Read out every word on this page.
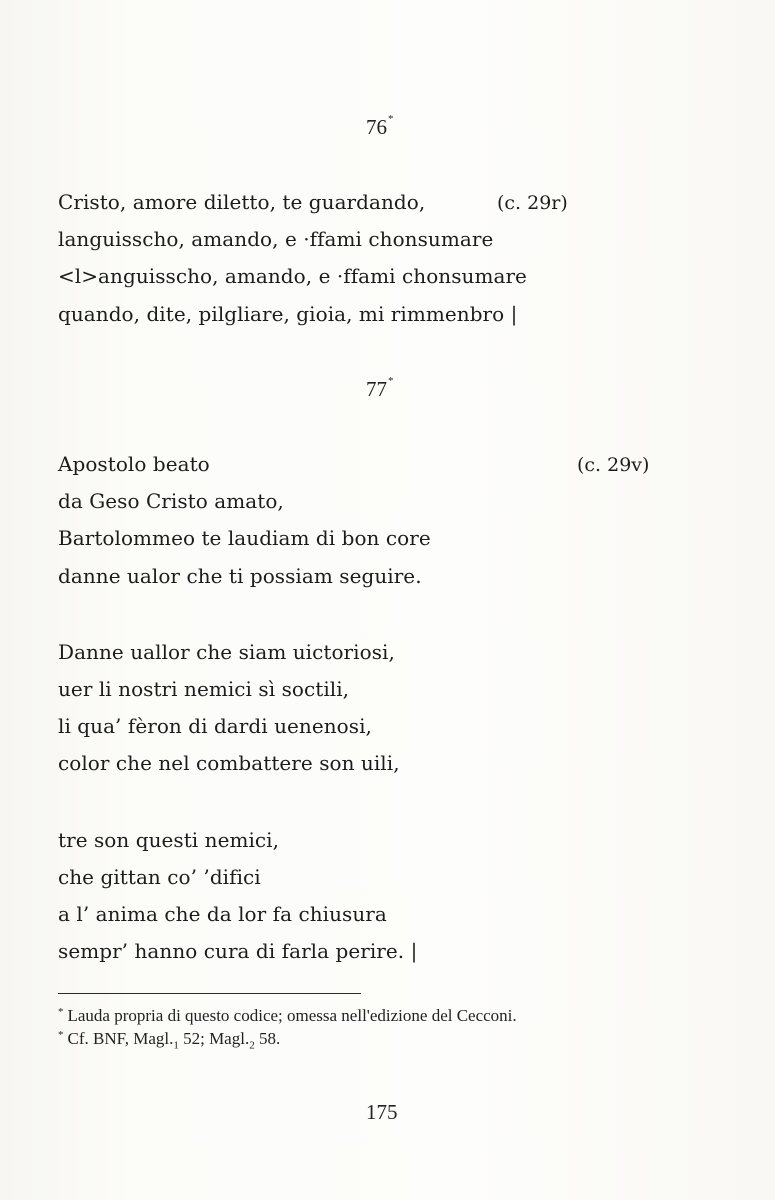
76*
Cristo, amore diletto, te guardando,	(c. 29r)
languisscho, amando, e ·ffami chonsumare
<l>anguisscho, amando, e ·ffami chonsumare
quando, dite, pilgliare, gioia, mi rimmenbro |
77*
Apostolo beato	(c. 29v)
da Geso Cristo amato,
Bartolommeo te laudiam di bon core
danne ualor che ti possiam seguire.
Danne uallor che siam uictoriosi,
uer li nostri nemici sì soctili,
li qua’ fèron di dardi uenenosi,
color che nel combattere son uili,
tre son questi nemici,
che gittan co’ ’difici
a l’ anima che da lor fa chiusura
sempr’ hanno cura di farla perire. |
* Lauda propria di questo codice; omessa nell'edizione del Cecconi.
* Cf. BNF, $Magl._1$ 52; $Magl._2$ 58.
175
